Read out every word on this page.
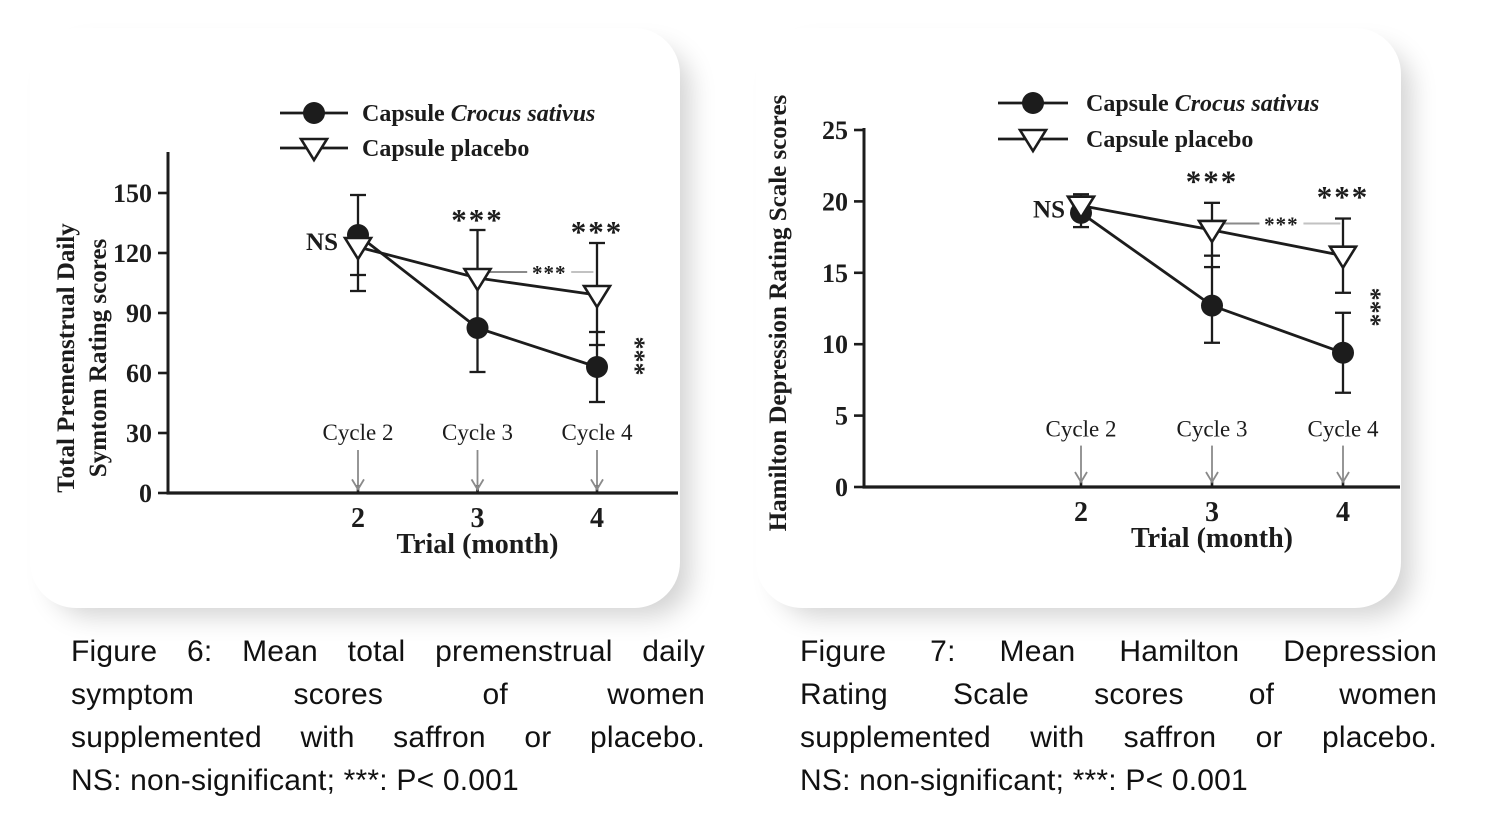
0
30
60
90
120
150
2	3	4
Trial (month)
Total Premenstrual Daily Symtom Rating scores	***
NS
*** ***
***
Cycle 2 Cycle 3 Cycle 4
Capsule Crocus sativus
Capsule placebo
0
5
10
15
20
25
2	3	4
Trial (month)
Hamilton Depression Rating Scale scores	***
NS
***	***
***
Cycle 2	Cycle 3	Cycle 4
Capsule Crocus sativus
Capsule placebo
Figure 6: Mean total premenstrual daily
symptom scores of women
supplemented with saffron or placebo.
NS: non-significant; ***: P< 0.001
Figure 7: Mean Hamilton Depression
Rating Scale scores of women
supplemented with saffron or placebo.
NS: non-significant; ***: P< 0.001
